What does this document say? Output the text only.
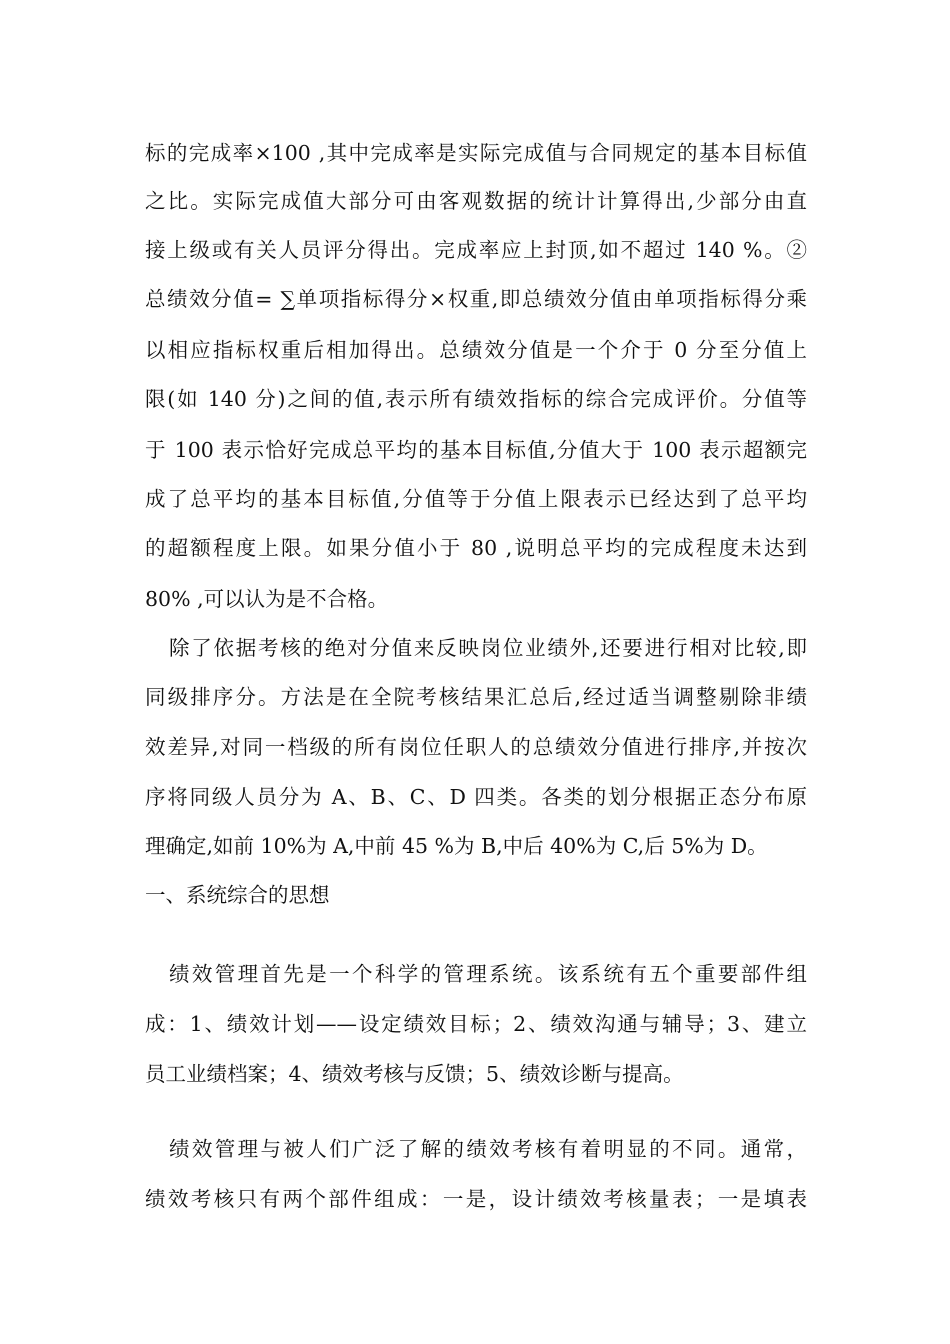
标的完成率×100 ,其中完成率是实际完成值与合同规定的基本目标值
之比。实际完成值大部分可由客观数据的统计计算得出,少部分由直
接上级或有关人员评分得出。完成率应上封顶,如不超过 140 %。②
总绩效分值= ∑单项指标得分×权重,即总绩效分值由单项指标得分乘
以相应指标权重后相加得出。总绩效分值是一个介于 0 分至分值上
限(如 140 分)之间的值,表示所有绩效指标的综合完成评价。分值等
于 100 表示恰好完成总平均的基本目标值,分值大于 100 表示超额完
成了总平均的基本目标值,分值等于分值上限表示已经达到了总平均
的超额程度上限。如果分值小于 80 ,说明总平均的完成程度未达到
80% ,可以认为是不合格。
除了依据考核的绝对分值来反映岗位业绩外,还要进行相对比较,即
同级排序分。方法是在全院考核结果汇总后,经过适当调整剔除非绩
效差异,对同一档级的所有岗位任职人的总绩效分值进行排序,并按次
序将同级人员分为 A、B、C、D 四类。各类的划分根据正态分布原
理确定,如前 10%为 A,中前 45 %为 B,中后 40%为 C,后 5%为 D。
一、系统综合的思想
绩效管理首先是一个科学的管理系统。该系统有五个重要部件组
成：1、绩效计划——设定绩效目标；2、绩效沟通与辅导；3、建立
员工业绩档案；4、绩效考核与反馈；5、绩效诊断与提高。
绩效管理与被人们广泛了解的绩效考核有着明显的不同。通常，
绩效考核只有两个部件组成：一是，设计绩效考核量表；一是填表
